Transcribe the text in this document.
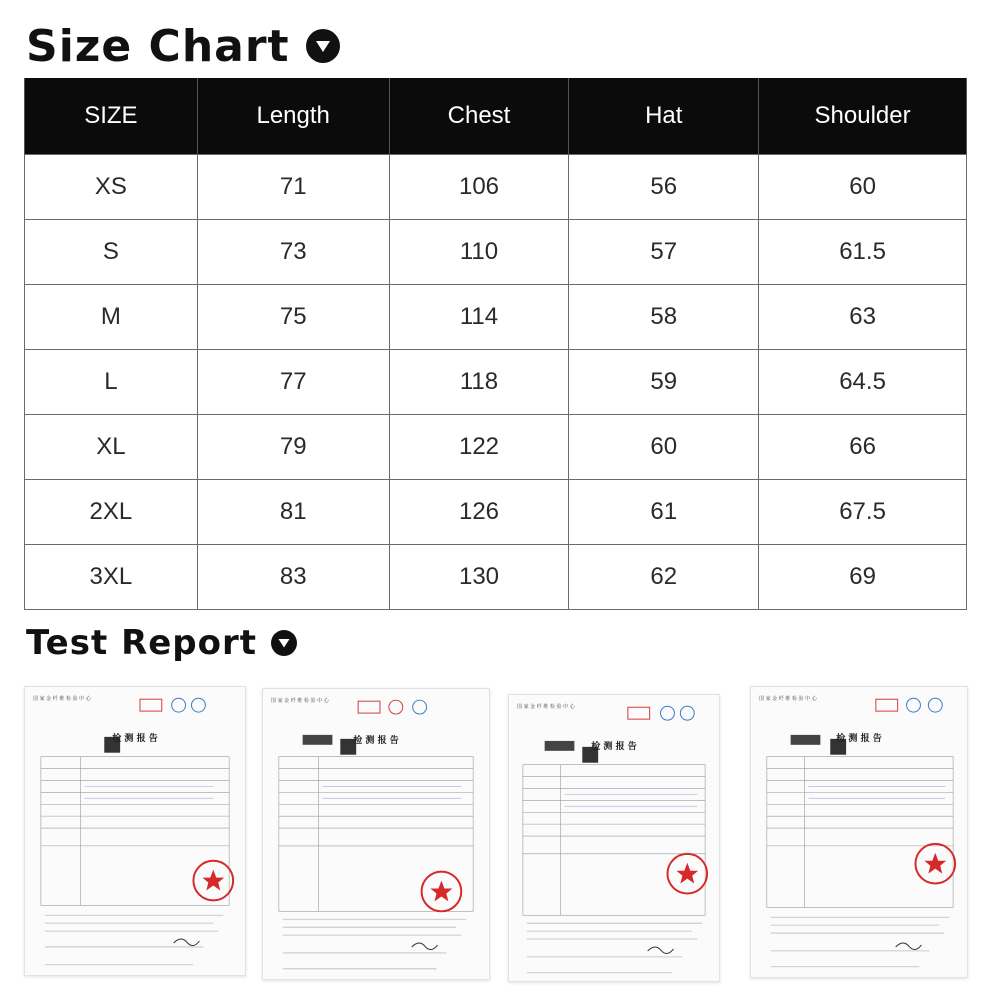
Size Chart
SIZE	Length	Chest	Hat	Shoulder
XS	71	106	56	60
S	73	110	57	61.5
M	75	114	58	63
L	77	118	59	64.5
XL	79	122	60	66
2XL	81	126	61	67.5
3XL	83	130	62	69
Test Report
国 家 金 纤 维 检 验 中 心
检 测 报 告
国 家 金 纤 维 检 验 中 心
检 测 报 告
国 家 金 纤 维 检 验 中 心
检 测 报 告
国 家 金 纤 维 检 验 中 心
检 测 报 告
